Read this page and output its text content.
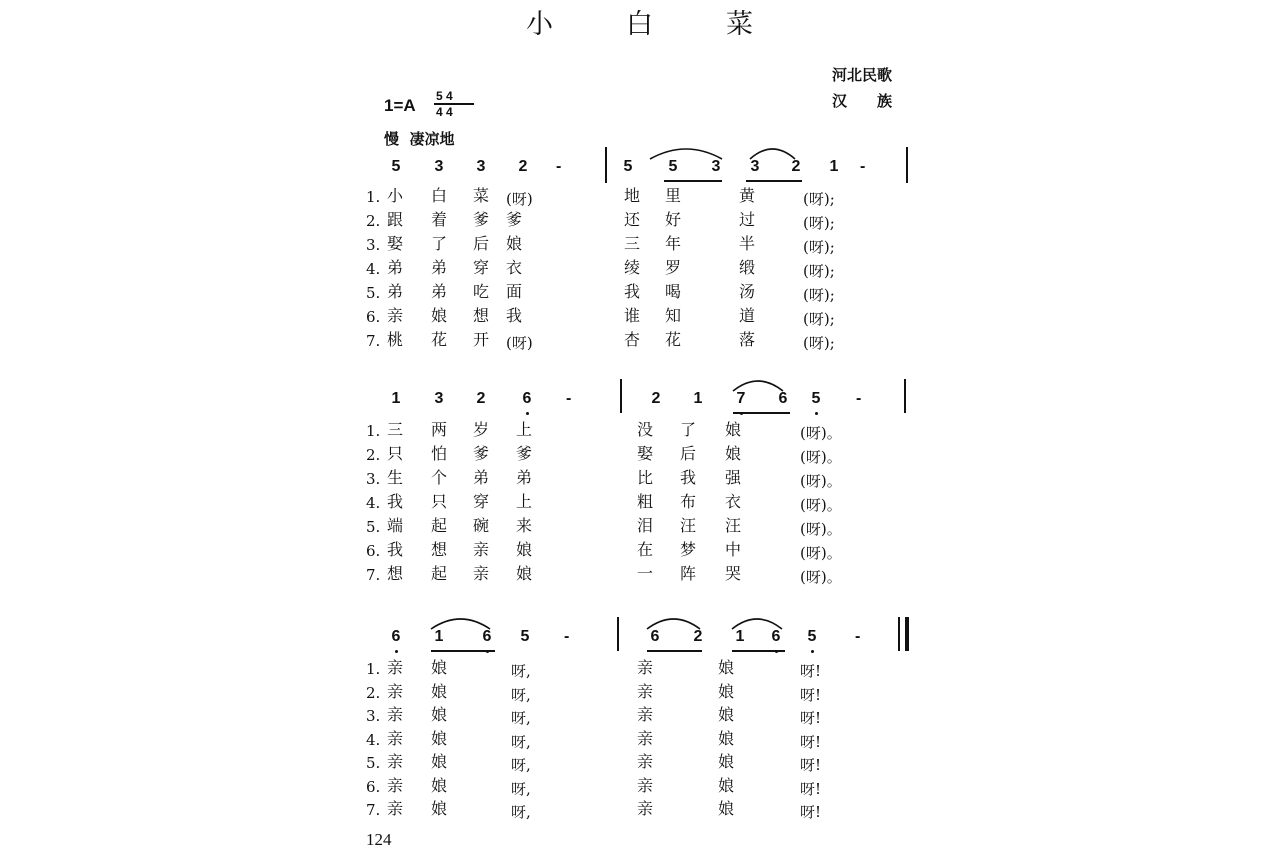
小	白	菜
河北民歌
汉　　族
1=A 5 4
4 4
慢  凄凉地
5 3 3 2 -	5 5 3 3 2 1 -
1. 小 白 菜 (呀)	地 里	黄	(呀);
2. 跟 着 爹 爹	还 好	过	(呀);
3. 娶 了 后 娘	三 年	半	(呀);
4. 弟 弟 穿 衣	绫 罗	缎	(呀);
5. 弟 弟 吃 面	我 喝	汤	(呀);
6. 亲 娘 想 我	谁 知	道	(呀);
7. 桃 花 开 (呀)	杏 花	落	(呀);
1 3 2 6 -	2 1 7 6 5 -
1. 三 两 岁 上	没 了 娘	(呀)。
2. 只 怕 爹 爹	娶 后 娘	(呀)。
3. 生 个 弟 弟	比 我 强	(呀)。
4. 我 只 穿 上	粗 布 衣	(呀)。
5. 端 起 碗 来	泪 汪 汪	(呀)。
6. 我 想 亲 娘	在 梦 中	(呀)。
7. 想 起 亲 娘	一 阵 哭	(呀)。
6 1 6 5 -	6 2 1 6 5 -
1. 亲 娘	呀,	亲	娘	呀!
2. 亲 娘	呀,	亲	娘	呀!
3. 亲 娘	呀,	亲	娘	呀!
4. 亲 娘	呀,	亲	娘	呀!
5. 亲 娘	呀,	亲	娘	呀!
6. 亲 娘	呀,	亲	娘	呀!
7. 亲 娘	呀,	亲	娘	呀!
124
